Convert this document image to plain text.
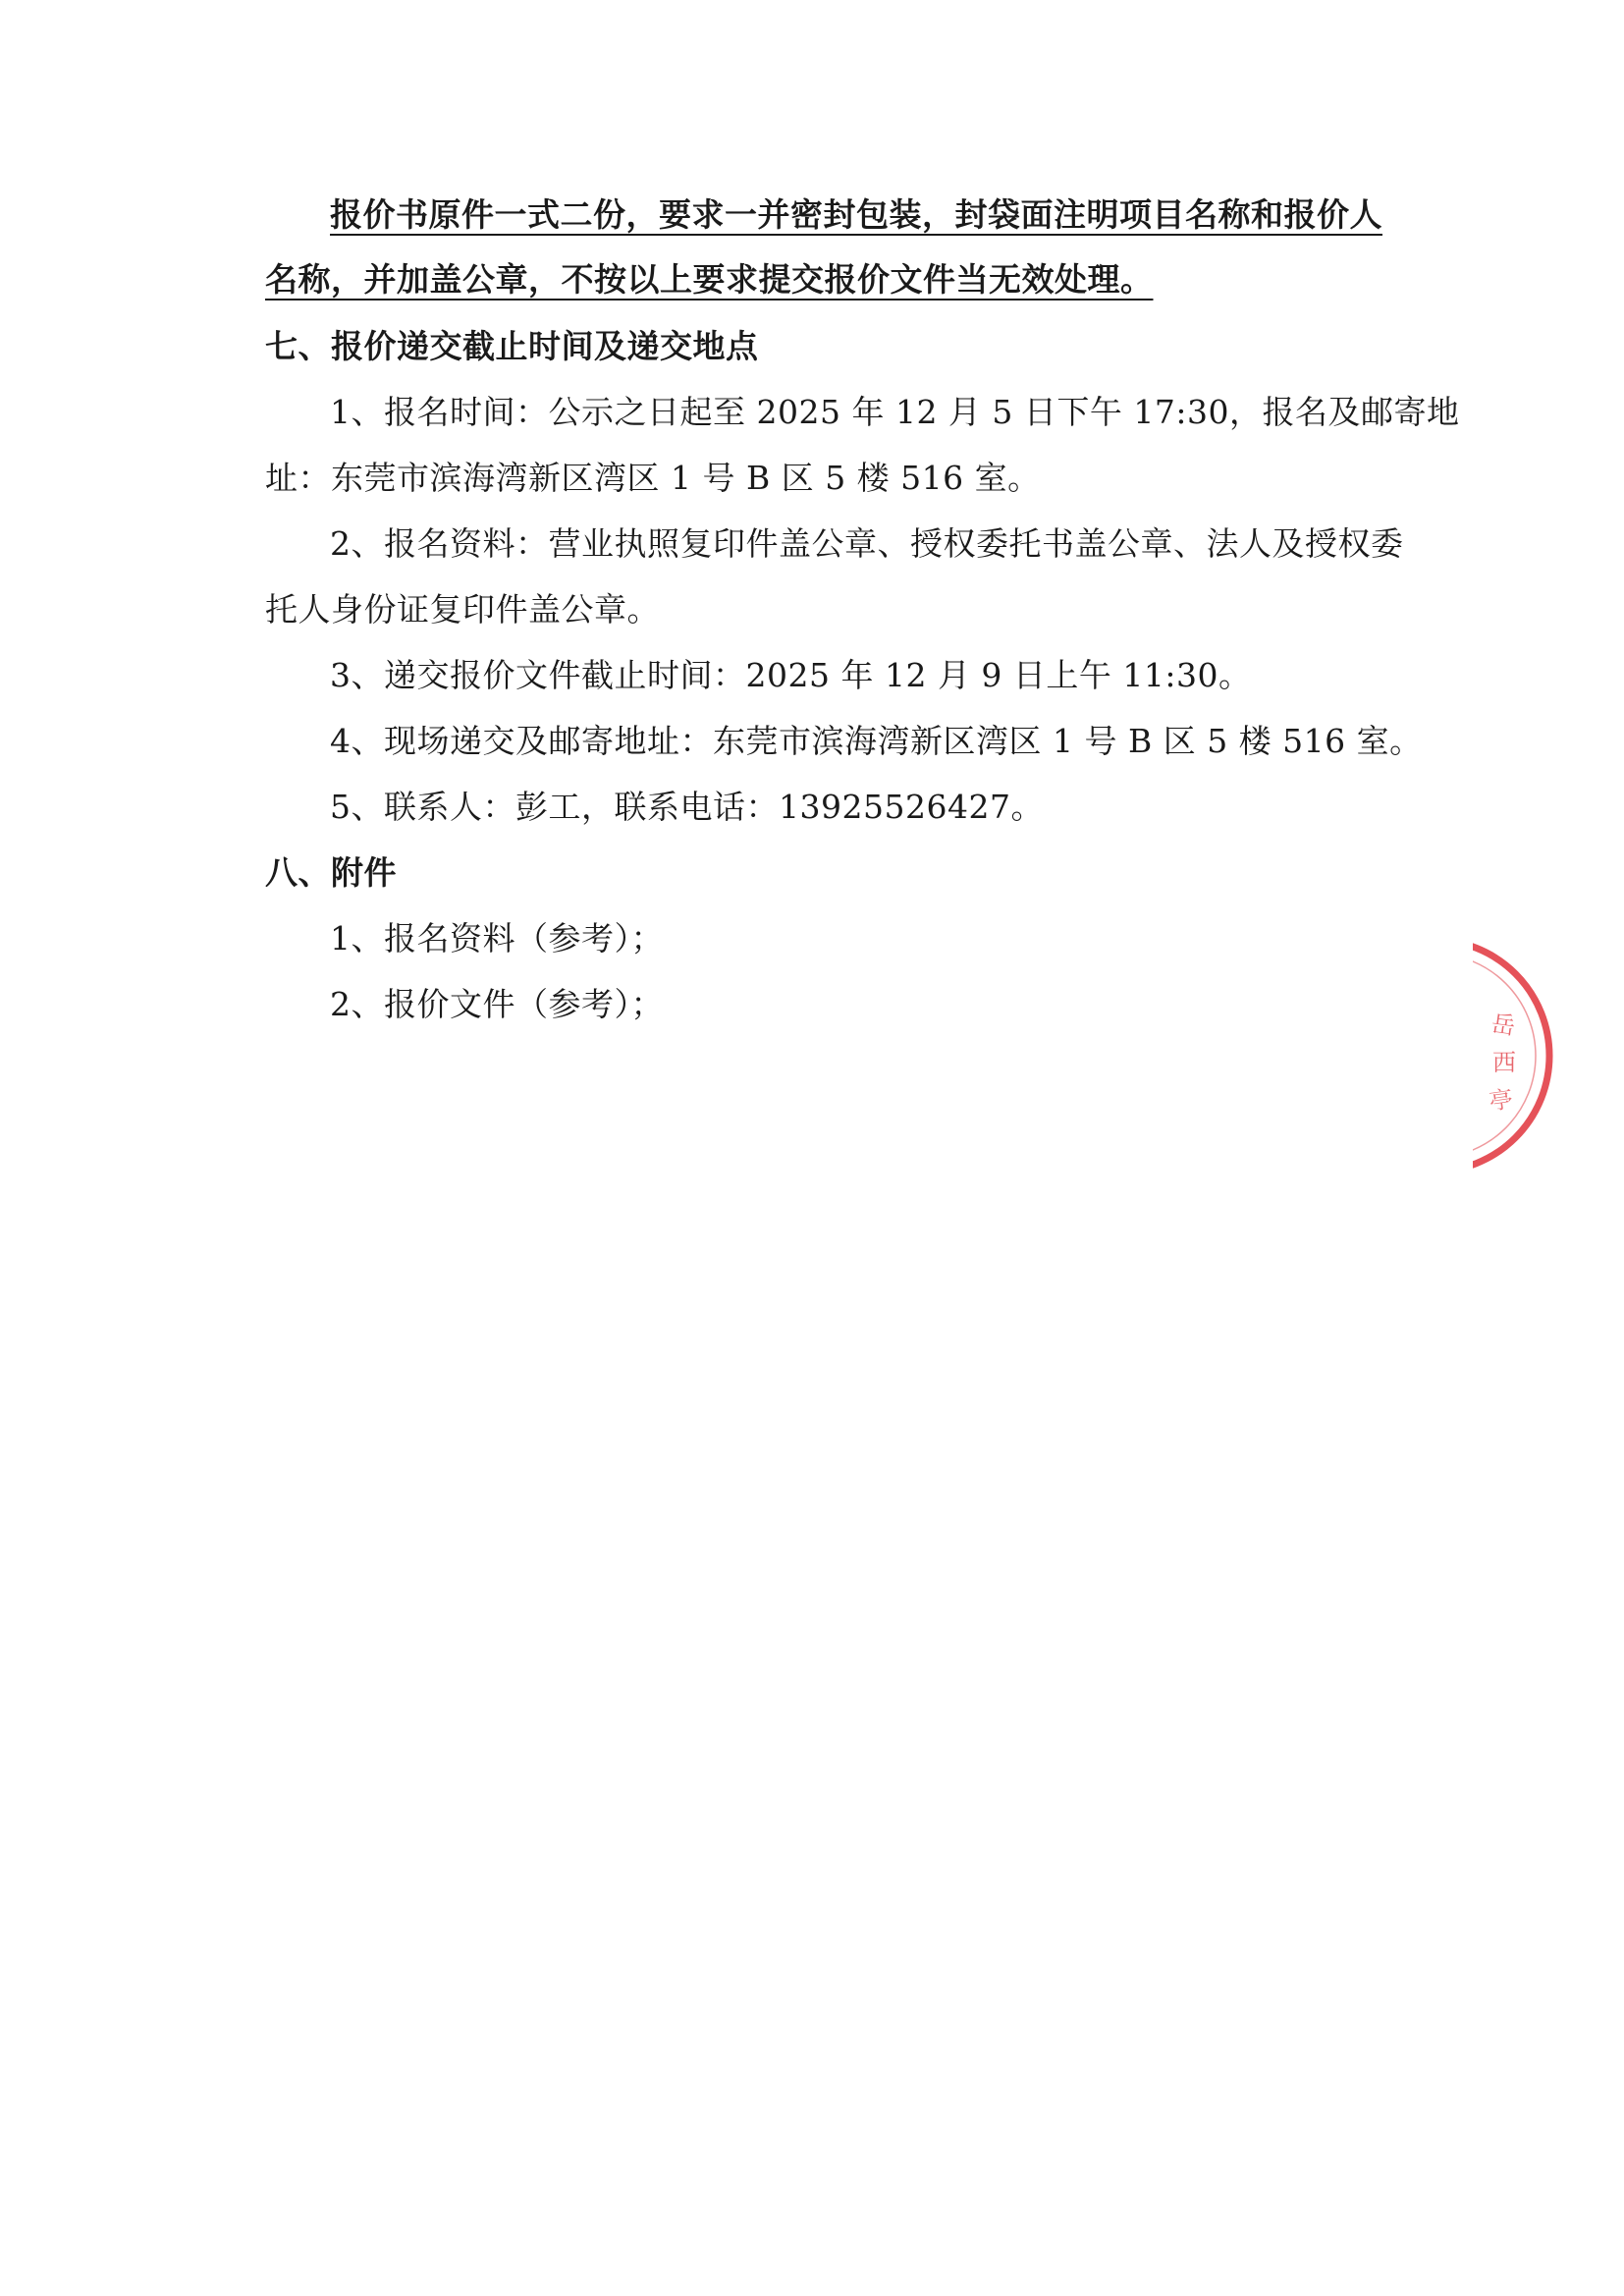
报价书原件一式二份，要求一并密封包装，封袋面注明项目名称和报价人
名称，并加盖公章，不按以上要求提交报价文件当无效处理。
七、报价递交截止时间及递交地点
1、报名时间：公示之日起至 2025 年 12 月 5 日下午 17:30，报名及邮寄地
址：东莞市滨海湾新区湾区 1 号 B 区 5 楼 516 室。
2、报名资料：营业执照复印件盖公章、授权委托书盖公章、法人及授权委
托人身份证复印件盖公章。
3、递交报价文件截止时间：2025 年 12 月 9 日上午 11:30。
4、现场递交及邮寄地址：东莞市滨海湾新区湾区 1 号 B 区 5 楼 516 室。
5、联系人：彭工，联系电话：13925526427。
八、附件
1、报名资料（参考）；
2、报价文件（参考）；
岳
西
亭
